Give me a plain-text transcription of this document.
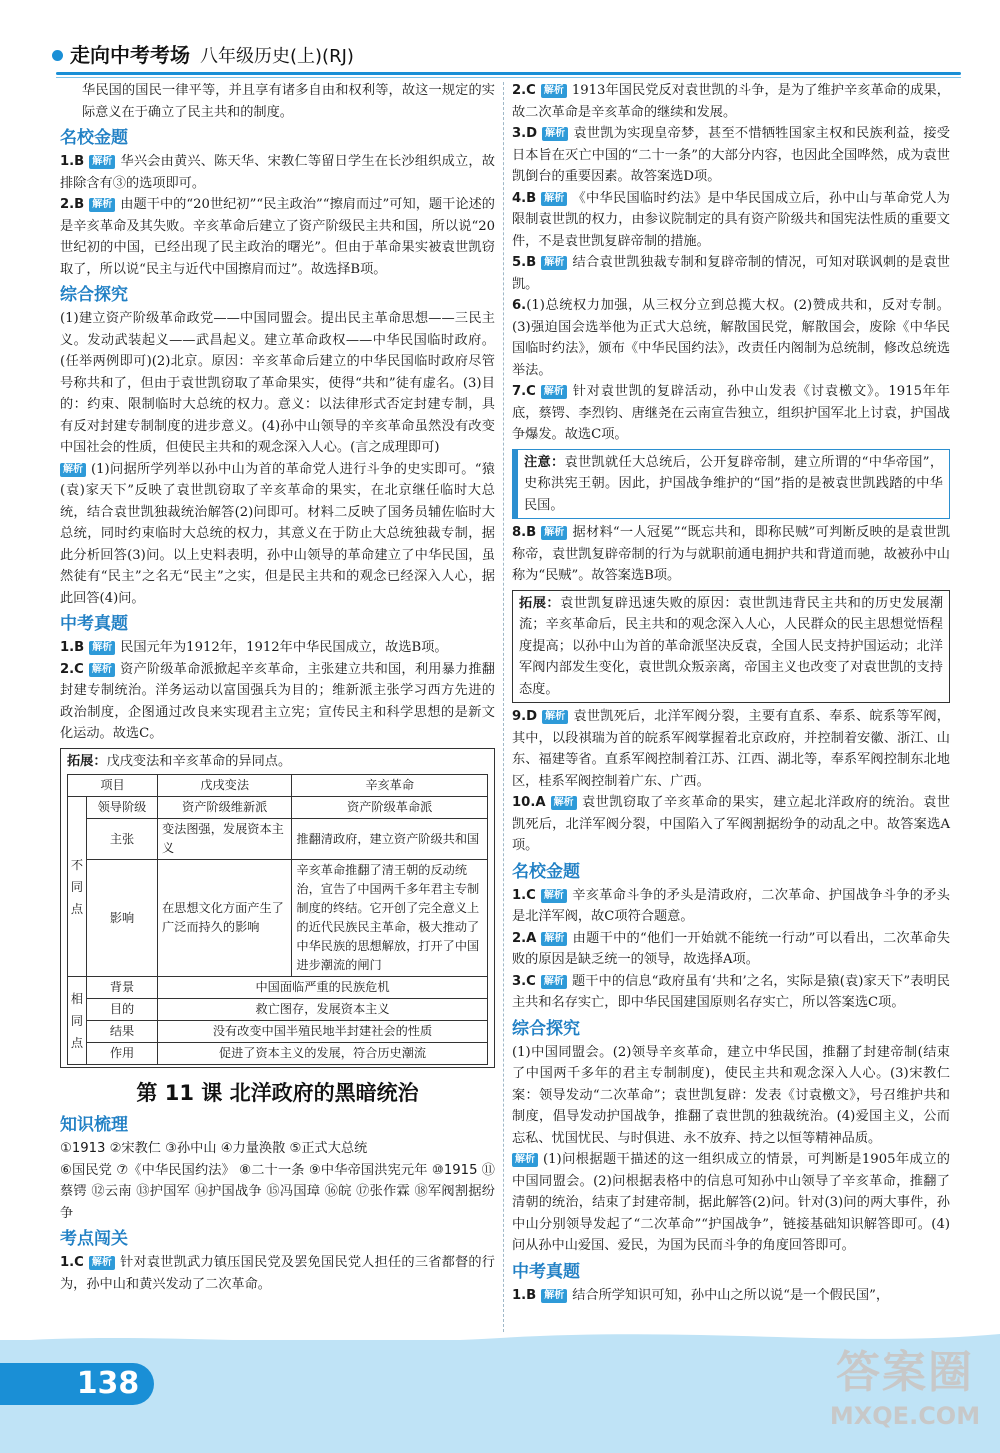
走向中考考场 八年级历史(上)(RJ)

华民国的国民一律平等，并且享有诸多自由和权利等，故这一规定的实际意义在于确立了民主共和的制度。

名校金题

1.B 解析 华兴会由黄兴、陈天华、宋教仁等留日学生在长沙组织成立，故排除含有③的选项即可。

2.B 解析 由题干中的“20世纪初”“民主政治”“擦肩而过”可知，题干论述的是辛亥革命及其失败。辛亥革命后建立了资产阶级民主共和国，所以说“20世纪初的中国，已经出现了民主政治的曙光”。但由于革命果实被袁世凯窃取了，所以说“民主与近代中国擦肩而过”。故选择B项。

综合探究

(1)建立资产阶级革命政党——中国同盟会。提出民主革命思想——三民主义。发动武装起义——武昌起义。建立革命政权——中华民国临时政府。(任举两例即可)(2)北京。原因：辛亥革命后建立的中华民国临时政府尽管号称共和了，但由于袁世凯窃取了革命果实，使得“共和”徒有虚名。(3)目的：约束、限制临时大总统的权力。意义：以法律形式否定封建专制，具有反对封建专制制度的进步意义。(4)孙中山领导的辛亥革命虽然没有改变中国社会的性质，但使民主共和的观念深入人心。(言之成理即可)

解析 (1)问据所学列举以孙中山为首的革命党人进行斗争的史实即可。“猿(袁)家天下”反映了袁世凯窃取了辛亥革命的果实，在北京继任临时大总统，结合袁世凯独裁统治解答(2)问即可。材料二反映了国务员辅佐临时大总统，同时约束临时大总统的权力，其意义在于防止大总统独裁专制，据此分析回答(3)问。以上史料表明，孙中山领导的革命建立了中华民国，虽然徒有“民主”之名无“民主”之实，但是民主共和的观念已经深入人心，据此回答(4)问。

中考真题

1.B 解析 民国元年为1912年，1912年中华民国成立，故选B项。

2.C 解析 资产阶级革命派掀起辛亥革命，主张建立共和国，利用暴力推翻封建专制统治。洋务运动以富国强兵为目的；维新派主张学习西方先进的政治制度，企图通过改良来实现君主立宪；宣传民主和科学思想的是新文化运动。故选C。

拓展：戊戌变法和辛亥革命的异同点。
项目		戊戌变法	辛亥革命
不同点	领导阶级	资产阶级维新派	资产阶级革命派
	主张	变法图强，发展资本主义	推翻清政府，建立资产阶级共和国
	影响	在思想文化方面产生了广泛而持久的影响	辛亥革命推翻了清王朝的反动统治，宣告了中国两千多年君主专制制度的终结。它开创了完全意义上的近代民族民主革命，极大推动了中华民族的思想解放，打开了中国进步潮流的闸门
相同点	背景	中国面临严重的民族危机	
	目的	救亡图存，发展资本主义	
	结果	没有改变中国半殖民地半封建社会的性质	
	作用	促进了资本主义的发展，符合历史潮流	
第 11 课 北洋政府的黑暗统治
知识梳理

①1913 ②宋教仁 ③孙中山 ④力量涣散 ⑤正式大总统

⑥国民党 ⑦《中华民国约法》 ⑧二十一条 ⑨中华帝国洪宪元年 ⑩1915 ⑪蔡锷 ⑫云南 ⑬护国军 ⑭护国战争 ⑮冯国璋 ⑯皖 ⑰张作霖 ⑱军阀割据纷争

考点闯关

1.C 解析 针对袁世凯武力镇压国民党及罢免国民党人担任的三省都督的行为，孙中山和黄兴发动了二次革命。

2.C 解析 1913年国民党反对袁世凯的斗争，是为了维护辛亥革命的成果，故二次革命是辛亥革命的继续和发展。

3.D 解析 袁世凯为实现皇帝梦，甚至不惜牺牲国家主权和民族利益，接受日本旨在灭亡中国的“二十一条”的大部分内容，也因此全国哗然，成为袁世凯倒台的重要因素。故答案选D项。

4.B 解析 《中华民国临时约法》是中华民国成立后，孙中山与革命党人为限制袁世凯的权力，由参议院制定的具有资产阶级共和国宪法性质的重要文件，不是袁世凯复辟帝制的措施。

5.B 解析 结合袁世凯独裁专制和复辟帝制的情况，可知对联讽刺的是袁世凯。

6.(1)总统权力加强，从三权分立到总揽大权。(2)赞成共和，反对专制。(3)强迫国会选举他为正式大总统，解散国民党，解散国会，废除《中华民国临时约法》，颁布《中华民国约法》，改责任内阁制为总统制，修改总统选举法。

7.C 解析 针对袁世凯的复辟活动，孙中山发表《讨袁檄文》。1915年年底，蔡锷、李烈钧、唐继尧在云南宣告独立，组织护国军北上讨袁，护国战争爆发。故选C项。

注意：袁世凯就任大总统后，公开复辟帝制，建立所谓的“中华帝国”，史称洪宪王朝。因此，护国战争维护的“国”指的是被袁世凯践踏的中华民国。

8.B 解析 据材料“一人冠冕”“既忘共和，即称民贼”可判断反映的是袁世凯称帝，袁世凯复辟帝制的行为与就职前通电拥护共和背道而驰，故被孙中山称为“民贼”。故答案选B项。

拓展：袁世凯复辟迅速失败的原因：袁世凯违背民主共和的历史发展潮流；辛亥革命后，民主共和的观念深入人心，人民群众的民主思想觉悟程度提高；以孙中山为首的革命派坚决反袁，全国人民支持护国运动；北洋军阀内部发生变化，袁世凯众叛亲离，帝国主义也改变了对袁世凯的支持态度。

9.D 解析 袁世凯死后，北洋军阀分裂，主要有直系、奉系、皖系等军阀，其中，以段祺瑞为首的皖系军阀掌握着北京政府，并控制着安徽、浙江、山东、福建等省。直系军阀控制着江苏、江西、湖北等，奉系军阀控制东北地区，桂系军阀控制着广东、广西。

10.A 解析 袁世凯窃取了辛亥革命的果实，建立起北洋政府的统治。袁世凯死后，北洋军阀分裂，中国陷入了军阀割据纷争的动乱之中。故答案选A项。

名校金题

1.C 解析 辛亥革命斗争的矛头是清政府，二次革命、护国战争斗争的矛头是北洋军阀，故C项符合题意。

2.A 解析 由题干中的“他们一开始就不能统一行动”可以看出，二次革命失败的原因是缺乏统一的领导，故选择A项。

3.C 解析 题干中的信息“政府虽有‘共和’之名，实际是猿(袁)家天下”表明民主共和名存实亡，即中华民国建国原则名存实亡，所以答案选C项。

综合探究

(1)中国同盟会。(2)领导辛亥革命，建立中华民国，推翻了封建帝制(结束了中国两千多年的君主专制制度)，使民主共和观念深入人心。(3)宋教仁案：领导发动“二次革命”；袁世凯复辟：发表《讨袁檄文》，号召维护共和制度，倡导发动护国战争，推翻了袁世凯的独裁统治。(4)爱国主义，公而忘私、忧国忧民、与时俱进、永不放弃、持之以恒等精神品质。

解析 (1)问根据题干描述的这一组织成立的情景，可判断是1905年成立的中国同盟会。(2)问根据表格中的信息可知孙中山领导了辛亥革命，推翻了清朝的统治，结束了封建帝制，据此解答(2)问。针对(3)问的两大事件，孙中山分别领导发起了“二次革命”“护国战争”，链接基础知识解答即可。(4)问从孙中山爱国、爱民，为国为民而斗争的角度回答即可。

中考真题

1.B 解析 结合所学知识可知，孙中山之所以说“是一个假民国”，

138	答案圈
MXQE.COM
